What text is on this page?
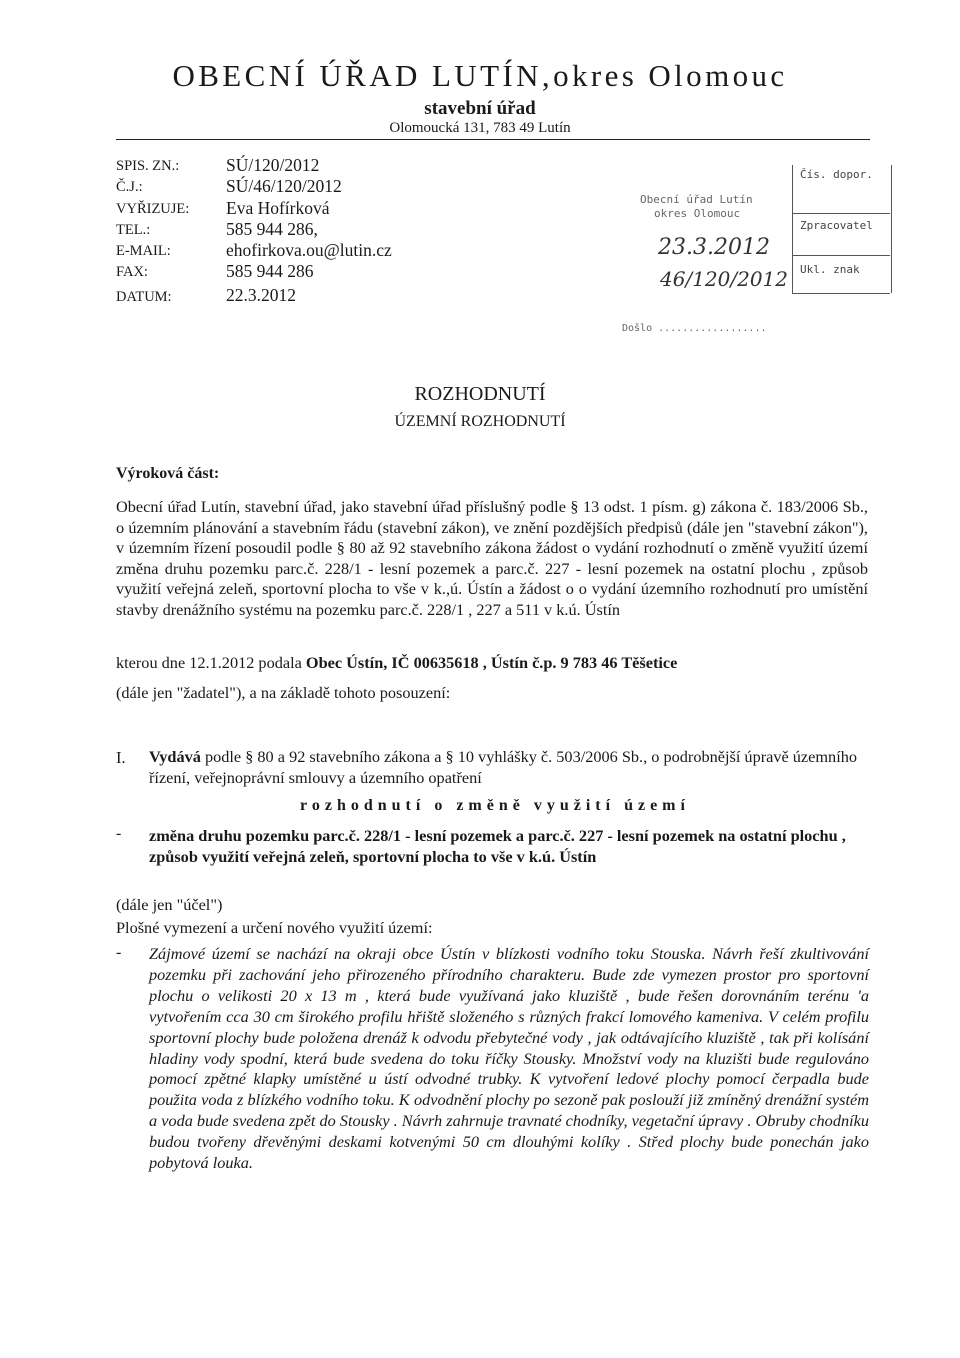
OBECNÍ ÚŘAD LUTÍN,okres Olomouc
stavební úřad
Olomoucká 131, 783 49 Lutín
SPIS. ZN.:	SÚ/120/2012
Č.J.:	SÚ/46/120/2012
VYŘIZUJE: Eva Hofírková
TEL.:	585 944 286,
E-MAIL:	ehofirkova.ou@lutin.cz
FAX:	585 944 286
DATUM:	22.3.2012
Obecní úřad Lutín
okres Olomouc
23.3.2012
46/120/2012
Došlo ..................
Čís. dopor.
Zpracovatel
Ukl. znak
ROZHODNUTÍ
ÚZEMNÍ ROZHODNUTÍ
Výroková část:

Obecní úřad Lutín, stavební úřad, jako stavební úřad příslušný podle § 13 odst. 1 písm. g) zákona č. 183/2006 Sb., o územním plánování a stavebním řádu (stavební zákon), ve znění pozdějších předpisů (dále jen "stavební zákon"), v územním řízení posoudil podle § 80 až 92 stavebního zákona žádost o vydání rozhodnutí o změně využití území změna druhu pozemku parc.č. 228/1 - lesní pozemek a parc.č. 227 - lesní pozemek na ostatní plochu , způsob využití veřejná zeleň, sportovní plocha to vše v k.,ú. Ústín a žádost o o vydání územního rozhodnutí pro umístění stavby drenážního systému na pozemku parc.č. 228/1 , 227 a 511 v k.ú. Ústín

kterou dne 12.1.2012 podala Obec Ústín, IČ 00635618 , Ústín č.p. 9 783 46 Těšetice
(dále jen "žadatel"), a na základě tohoto posouzení:
I. Vydává podle § 80 a 92 stavebního zákona a § 10 vyhlášky č. 503/2006 Sb., o podrobnější úpravě územního řízení, veřejnoprávní smlouvy a územního opatření
rozhodnutí o změně využití území
- změna druhu pozemku parc.č. 228/1 - lesní pozemek a parc.č. 227 - lesní pozemek na ostatní plochu , způsob využití veřejná zeleň, sportovní plocha to vše v k.ú. Ústín
(dále jen "účel")
Plošné vymezení a určení nového využití území:
- Zájmové území se nachází na okraji obce Ústín v blízkosti vodního toku Stouska. Návrh řeší zkultivování pozemku při zachování jeho přirozeného přírodního charakteru. Bude zde vymezen prostor pro sportovní plochu o velikosti 20 x 13 m , která bude využívaná jako kluziště , bude řešen dorovnáním terénu 'a vytvořením cca 30 cm širokého profilu hřiště složeného s různých frakcí lomového kameniva. V celém profilu sportovní plochy bude položena drenáž k odvodu přebytečné vody , jak odtávajícího kluziště , tak při kolísání hladiny vody spodní, která bude svedena do toku říčky Stousky. Množství vody na kluzišti bude regulováno pomocí zpětné klapky umístěné u ústí odvodné trubky. K vytvoření ledové plochy pomocí čerpadla bude použita voda z blízkého vodního toku. K odvodnění plochy po sezoně pak poslouží již zmíněný drenážní systém a voda bude svedena zpět do Stousky . Návrh zahrnuje travnaté chodníky, vegetační úpravy . Obruby chodníku budou tvořeny dřevěnými deskami kotvenými 50 cm dlouhými kolíky . Střed plochy bude ponechán jako pobytová louka.
